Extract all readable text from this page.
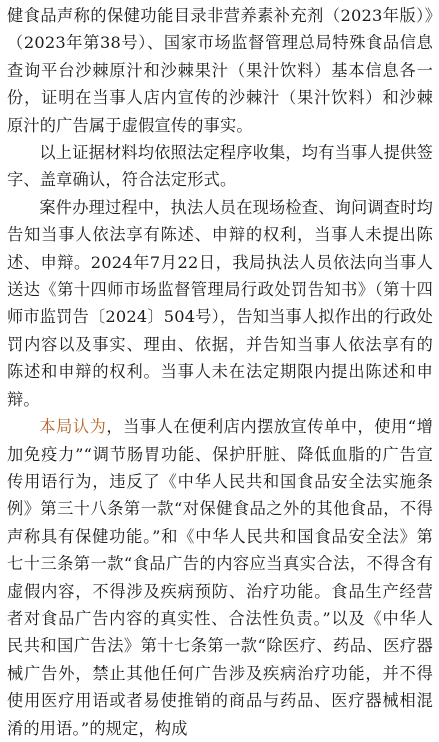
健食品声称的保健功能目录非营养素补充剂（2023年版）》（2023年第38号）、国家市场监督管理总局特殊食品信息查询平台沙棘原汁和沙棘果汁（果汁饮料）基本信息各一份，证明在当事人店内宣传的沙棘汁（果汁饮料）和沙棘原汁的广告属于虚假宣传的事实。

以上证据材料均依照法定程序收集，均有当事人提供签字、盖章确认，符合法定形式。

案件办理过程中，执法人员在现场检查、询问调查时均告知当事人依法享有陈述、申辩的权利，当事人未提出陈述、申辩。2024年7月22日，我局执法人员依法向当事人送达《第十四师市场监督管理局行政处罚告知书》（第十四师市监罚告〔2024〕504号），告知当事人拟作出的行政处罚内容以及事实、理由、依据，并告知当事人依法享有的陈述和申辩的权利。当事人未在法定期限内提出陈述和申辩。

本局认为，当事人在便利店内摆放宣传单中，使用“增加免疫力”“调节肠胃功能、保护肝脏、降低血脂的广告宣传用语行为，违反了《中华人民共和国食品安全法实施条例》第三十八条第一款“对保健食品之外的其他食品，不得声称具有保健功能。”和《中华人民共和国食品安全法》第七十三条第一款“食品广告的内容应当真实合法，不得含有虚假内容，不得涉及疾病预防、治疗功能。食品生产经营者对食品广告内容的真实性、合法性负责。”以及《中华人民共和国广告法》第十七条第一款“除医疗、药品、医疗器械广告外，禁止其他任何广告涉及疾病治疗功能，并不得使用医疗用语或者易使推销的商品与药品、医疗器械相混淆的用语。”的规定，构成
